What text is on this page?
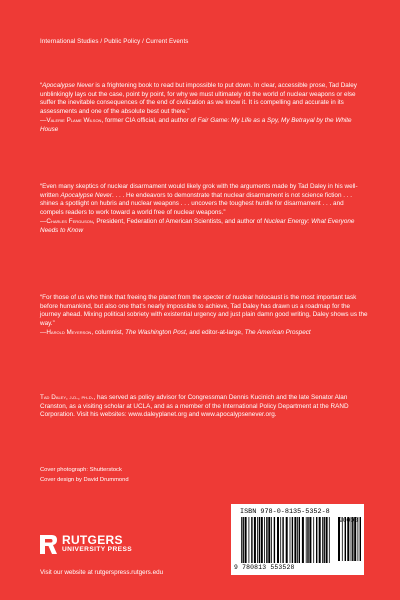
International Studies / Public Policy / Current Events

“Apocalypse Never is a frightening book to read but impossible to put down. In clear, accessible prose, Tad Daley unblinkingly lays out the case, point by point, for why we must ultimately rid the world of nuclear weapons or else suffer the inevitable consequences of the end of civilization as we know it. It is compelling and accurate in its assessments and one of the absolute best out there.”

—Valerie Plame Wilson, former CIA official, and author of Fair Game: My Life as a Spy, My Betrayal by the White House

“Even many skeptics of nuclear disarmament would likely grok with the arguments made by Tad Daley in his well-written Apocalypse Never. . . . He endeavors to demonstrate that nuclear disarmament is not science fiction . . . shines a spotlight on hubris and nuclear weapons . . . uncovers the toughest hurdle for disarmament . . . and compels readers to work toward a world free of nuclear weapons.”

—Charles Ferguson, President, Federation of American Scientists, and author of Nuclear Energy: What Everyone Needs to Know

“For those of us who think that freeing the planet from the specter of nuclear holocaust is the most important task before humankind, but also one that’s nearly impossible to achieve, Tad Daley has drawn us a roadmap for the journey ahead. Mixing political sobriety with existential urgency and just plain damn good writing, Daley shows us the way.”

—Harold Meyerson, columnist, The Washington Post, and editor-at-large, The American Prospect

Tad Daley, j.d., ph.d., has served as policy advisor for Congressman Dennis Kucinich and the late Senator Alan Cranston, as a visiting scholar at UCLA, and as a member of the International Policy Department at the RAND Corporation. Visit his websites: www.daleyplanet.org and www.apocalypsenever.org.
Cover photograph: Shutterstock
Cover design by David Drummond
RUTGERS
UNIVERSITY PRESS
Visit our website at rutgerspress.rutgers.edu
ISBN 978-0-8135-5352-8
9 780813 553528
90000
